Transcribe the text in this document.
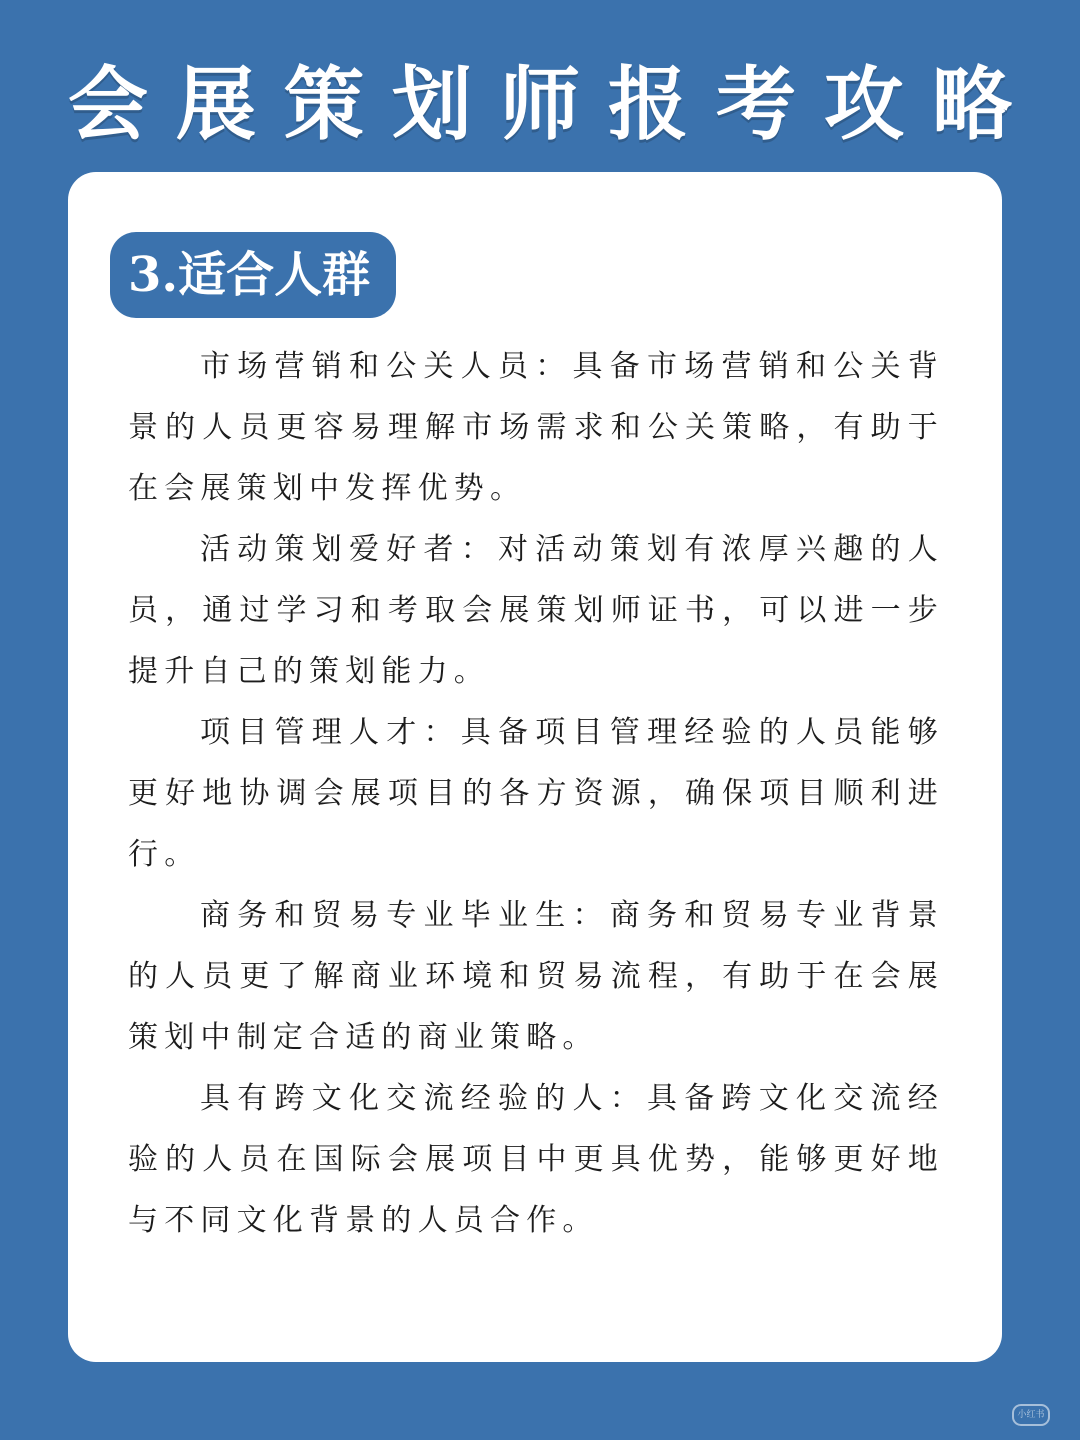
会展策划师报考攻略
3.适合人群

市场营销和公关人员：具备市场营销和公关背景的人员更容易理解市场需求和公关策略，有助于在会展策划中发挥优势。

活动策划爱好者：对活动策划有浓厚兴趣的人员，通过学习和考取会展策划师证书，可以进一步提升自己的策划能力。

项目管理人才：具备项目管理经验的人员能够更好地协调会展项目的各方资源，确保项目顺利进行。

商务和贸易专业毕业生：商务和贸易专业背景的人员更了解商业环境和贸易流程，有助于在会展策划中制定合适的商业策略。

具有跨文化交流经验的人：具备跨文化交流经验的人员在国际会展项目中更具优势，能够更好地与不同文化背景的人员合作。

小红书
